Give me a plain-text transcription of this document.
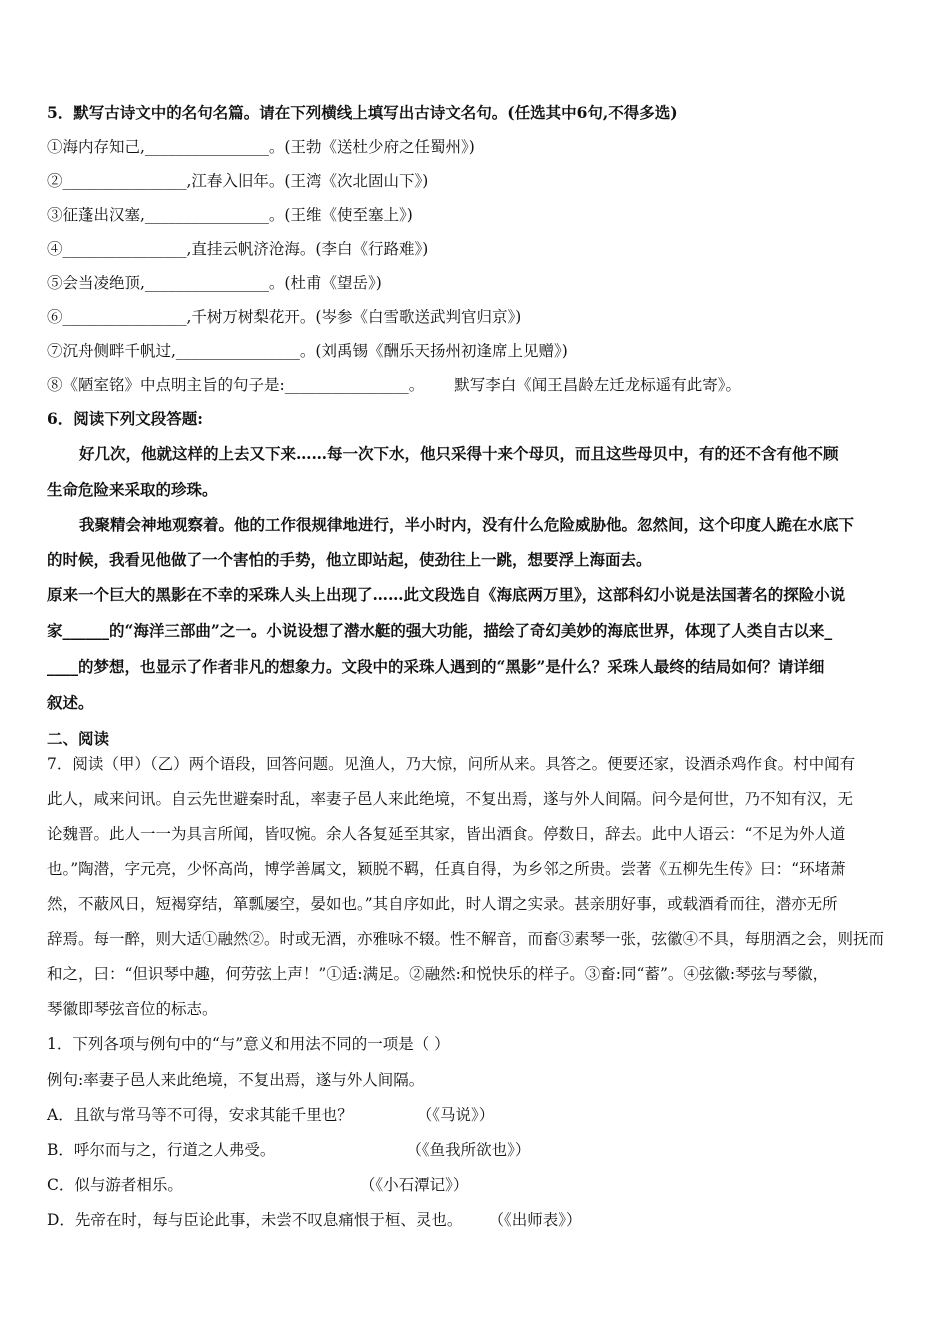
5．默写古诗文中的名句名篇。请在下列横线上填写出古诗文名句。(任选其中6句,不得多选)
①海内存知己,________________。(王勃《送杜少府之任蜀州》)
②________________,江春入旧年。(王湾《次北固山下》)
③征蓬出汉塞,________________。(王维《使至塞上》)
④________________,直挂云帆济沧海。(李白《行路难》)
⑤会当凌绝顶,________________。(杜甫《望岳》)
⑥________________,千树万树梨花开。(岑参《白雪歌送武判官归京》)
⑦沉舟侧畔千帆过,________________。(刘禹锡《酬乐天扬州初逢席上见赠》)
⑧《陋室铭》中点明主旨的句子是:________________。 默写李白《闻王昌龄左迁龙标遥有此寄》。
6．阅读下列文段答题:
好几次，他就这样的上去又下来……每一次下水，他只采得十来个母贝，而且这些母贝中，有的还不含有他不顾
生命危险来采取的珍珠。
我聚精会神地观察着。他的工作很规律地进行，半小时内，没有什么危险威胁他。忽然间，这个印度人跪在水底下
的时候，我看见他做了一个害怕的手势，他立即站起，使劲往上一跳，想要浮上海面去。
原来一个巨大的黑影在不幸的采珠人头上出现了……此文段选自《海底两万里》，这部科幻小说是法国著名的探险小说
家______的“海洋三部曲”之一。小说设想了潜水艇的强大功能，描绘了奇幻美妙的海底世界，体现了人类自古以来_
____的梦想，也显示了作者非凡的想象力。文段中的采珠人遇到的“黑影”是什么？采珠人最终的结局如何？请详细
叙述。
二、阅读
7．阅读（甲）（乙）两个语段，回答问题。见渔人，乃大惊，问所从来。具答之。便要还家，设酒杀鸡作食。村中闻有
此人，咸来问讯。自云先世避秦时乱，率妻子邑人来此绝境，不复出焉，遂与外人间隔。问今是何世，乃不知有汉，无
论魏晋。此人一一为具言所闻，皆叹惋。余人各复延至其家，皆出酒食。停数日，辞去。此中人语云：“不足为外人道
也。”陶潜，字元亮，少怀高尚，博学善属文，颖脱不羁，任真自得，为乡邻之所贵。尝著《五柳先生传》曰：“环堵萧
然，不蔽风日，短褐穿结，箪瓢屡空，晏如也。”其自序如此，时人谓之实录。甚亲朋好事，或载酒肴而往，潜亦无所
辞焉。每一醉，则大适①融然②。时或无酒，亦雅咏不辍。性不解音，而畜③素琴一张，弦徽④不具，每朋酒之会，则抚而
和之，曰：“但识琴中趣，何劳弦上声！”①适:满足。②融然:和悦快乐的样子。③畜:同“蓄”。④弦徽:琴弦与琴徽，
琴徽即琴弦音位的标志。
1．下列各项与例句中的“与”意义和用法不同的一项是（ ）
例句:率妻子邑人来此绝境，不复出焉，遂与外人间隔。
A．且欲与常马等不可得，安求其能千里也？	（《马说》）
B．呼尔而与之，行道之人弗受。	（《鱼我所欲也》）
C．似与游者相乐。	（《小石潭记》）
D．先帝在时，每与臣论此事，未尝不叹息痛恨于桓、灵也。 （《出师表》）
